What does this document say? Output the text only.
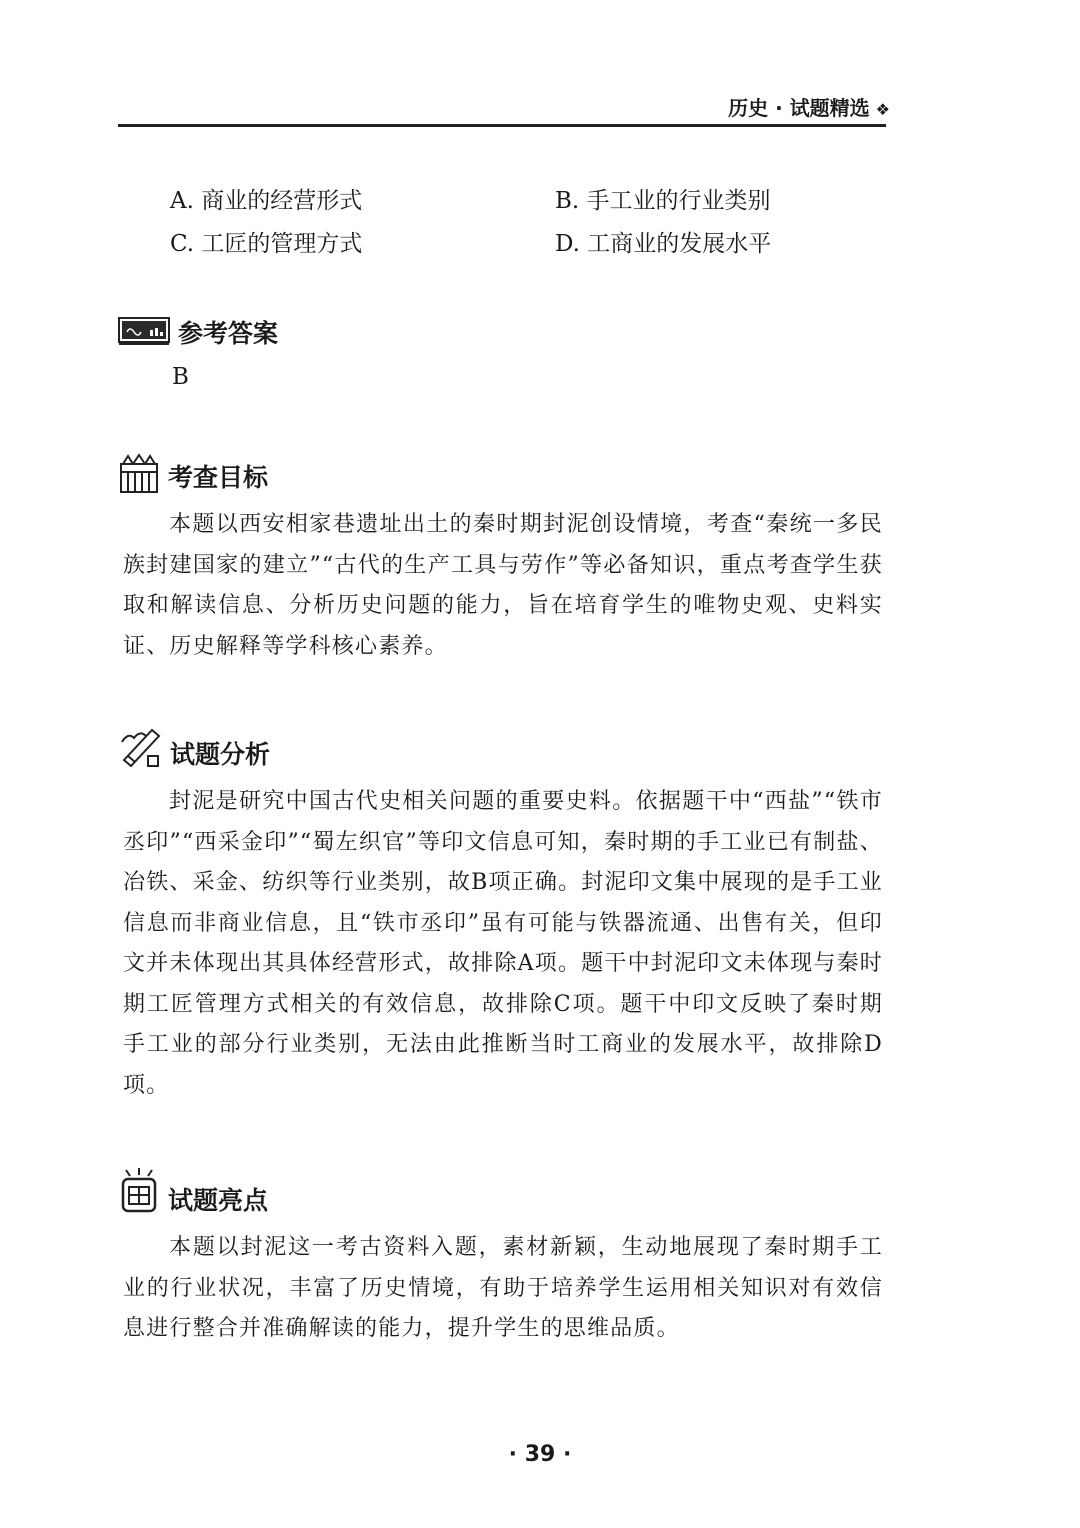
历史 · 试题精选 ❖
A. 商业的经营形式	B. 手工业的行业类别
C. 工匠的管理方式	D. 工商业的发展水平
参考答案
B
考查目标
本题以西安相家巷遗址出土的秦时期封泥创设情境，考查“秦统一多民族封建国家的建立”“古代的生产工具与劳作”等必备知识，重点考查学生获取和解读信息、分析历史问题的能力，旨在培育学生的唯物史观、史料实证、历史解释等学科核心素养。
试题分析
封泥是研究中国古代史相关问题的重要史料。依据题干中“西盐”“铁市丞印”“西采金印”“蜀左织官”等印文信息可知，秦时期的手工业已有制盐、冶铁、采金、纺织等行业类别，故B项正确。封泥印文集中展现的是手工业信息而非商业信息，且“铁市丞印”虽有可能与铁器流通、出售有关，但印文并未体现出其具体经营形式，故排除A项。题干中封泥印文未体现与秦时期工匠管理方式相关的有效信息，故排除C项。题干中印文反映了秦时期手工业的部分行业类别，无法由此推断当时工商业的发展水平，故排除D项。
试题亮点
本题以封泥这一考古资料入题，素材新颖，生动地展现了秦时期手工业的行业状况，丰富了历史情境，有助于培养学生运用相关知识对有效信息进行整合并准确解读的能力，提升学生的思维品质。
· 39 ·
